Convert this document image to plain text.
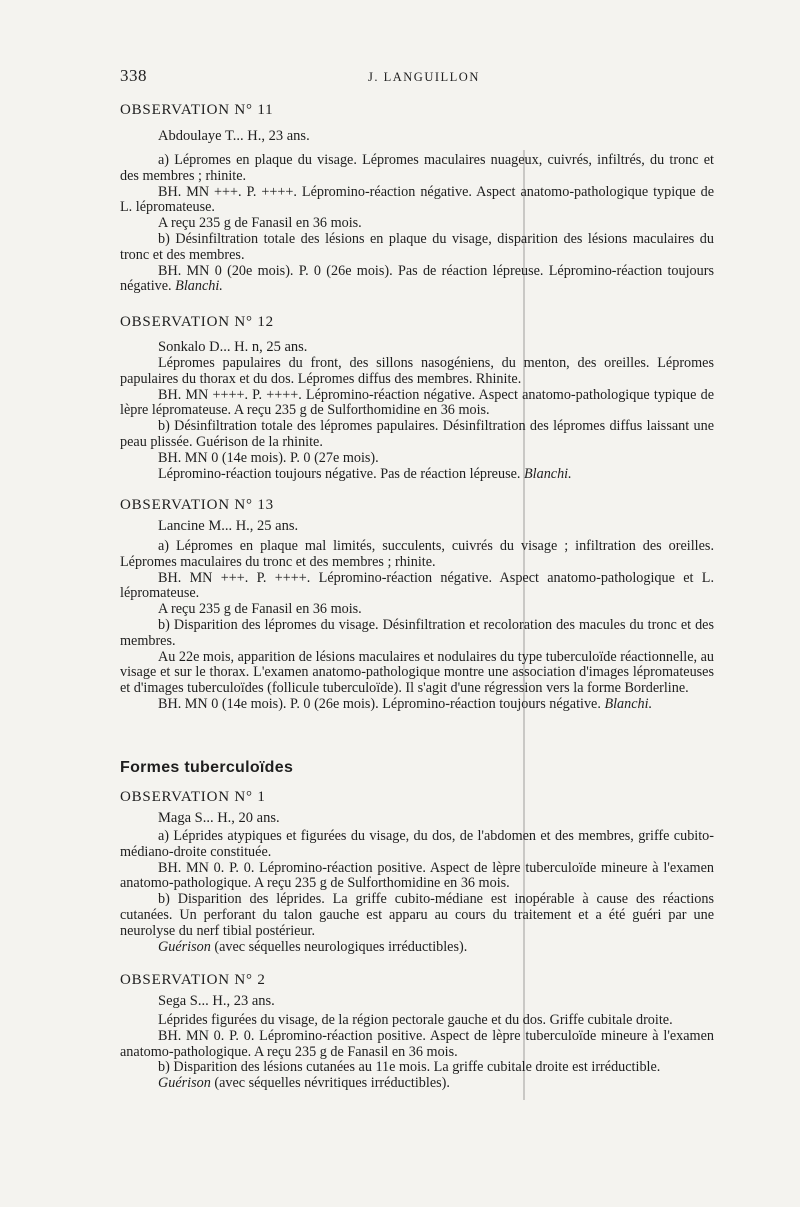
338	J. LANGUILLON
OBSERVATION N° 11
Abdoulaye T... H., 23 ans.

a) Lépromes en plaque du visage. Lépromes maculaires nuageux, cuivrés, infiltrés, du tronc et des membres ; rhinite.

BH. MN +++. P. ++++. Lépromino-réaction négative. Aspect anatomo-pathologique typique de L. lépromateuse.

A reçu 235 g de Fanasil en 36 mois.

b) Désinfiltration totale des lésions en plaque du visage, disparition des lésions maculaires du tronc et des membres.

BH. MN 0 (20e mois). P. 0 (26e mois). Pas de réaction lépreuse. Lépromino-réaction toujours négative. Blanchi.

OBSERVATION N° 12
Sonkalo D... H. n, 25 ans.

Lépromes papulaires du front, des sillons nasogéniens, du menton, des oreilles. Lépromes papulaires du thorax et du dos. Lépromes diffus des membres. Rhinite.

BH. MN ++++. P. ++++. Lépromino-réaction négative. Aspect anatomo-pathologique typique de lèpre lépromateuse. A reçu 235 g de Sulforthomidine en 36 mois.

b) Désinfiltration totale des lépromes papulaires. Désinfiltration des lépromes diffus laissant une peau plissée. Guérison de la rhinite.

BH. MN 0 (14e mois). P. 0 (27e mois).

Lépromino-réaction toujours négative. Pas de réaction lépreuse. Blanchi.

OBSERVATION N° 13
Lancine M... H., 25 ans.

a) Lépromes en plaque mal limités, succulents, cuivrés du visage ; infiltration des oreilles. Lépromes maculaires du tronc et des membres ; rhinite.

BH. MN +++. P. ++++. Lépromino-réaction négative. Aspect anatomo-pathologique et L. lépromateuse.

A reçu 235 g de Fanasil en 36 mois.

b) Disparition des lépromes du visage. Désinfiltration et recoloration des macules du tronc et des membres.

Au 22e mois, apparition de lésions maculaires et nodulaires du type tuberculoïde réactionnelle, au visage et sur le thorax. L'examen anatomo-pathologique montre une association d'images lépromateuses et d'images tuberculoïdes (follicule tuberculoïde). Il s'agit d'une régression vers la forme Borderline.

BH. MN 0 (14e mois). P. 0 (26e mois). Lépromino-réaction toujours négative. Blanchi.

Formes tuberculoïdes
OBSERVATION N° 1
Maga S... H., 20 ans.

a) Léprides atypiques et figurées du visage, du dos, de l'abdomen et des membres, griffe cubito-médiano-droite constituée.

BH. MN 0. P. 0. Lépromino-réaction positive. Aspect de lèpre tuberculoïde mineure à l'examen anatomo-pathologique. A reçu 235 g de Sulforthomidine en 36 mois.

b) Disparition des léprides. La griffe cubito-médiane est inopérable à cause des réactions cutanées. Un perforant du talon gauche est apparu au cours du traitement et a été guéri par une neurolyse du nerf tibial postérieur.

Guérison (avec séquelles neurologiques irréductibles).

OBSERVATION N° 2
Sega S... H., 23 ans.

Léprides figurées du visage, de la région pectorale gauche et du dos. Griffe cubitale droite.

BH. MN 0. P. 0. Lépromino-réaction positive. Aspect de lèpre tuberculoïde mineure à l'examen anatomo-pathologique. A reçu 235 g de Fanasil en 36 mois.

b) Disparition des lésions cutanées au 11e mois. La griffe cubitale droite est irréductible.

Guérison (avec séquelles névritiques irréductibles).
